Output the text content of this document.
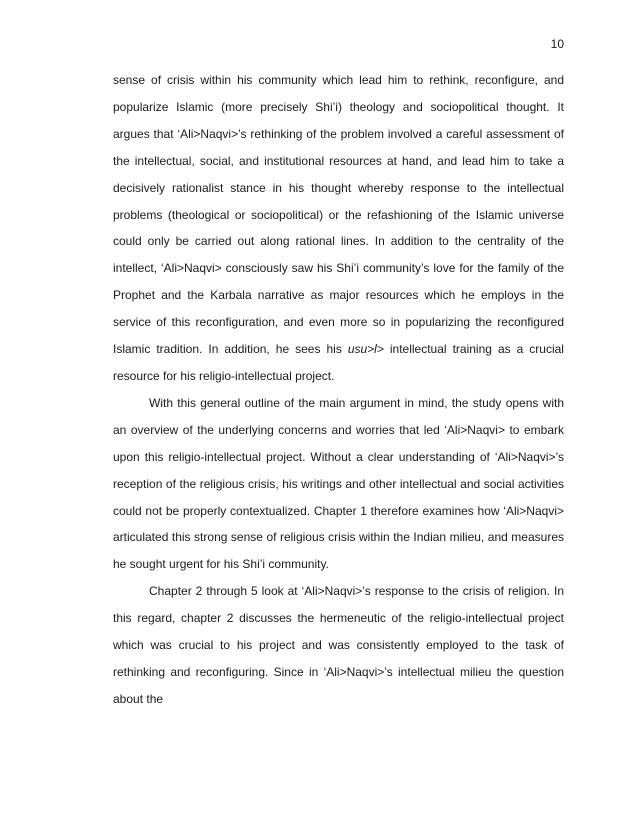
10

sense of crisis within his community which lead him to rethink, reconfigure, and popularize Islamic (more precisely Shi’i) theology and sociopolitical thought. It argues that ‘Ali>Naqvi>’s rethinking of the problem involved a careful assessment of the intellectual, social, and institutional resources at hand, and lead him to take a decisively rationalist stance in his thought whereby response to the intellectual problems (theological or sociopolitical) or the refashioning of the Islamic universe could only be carried out along rational lines. In addition to the centrality of the intellect, ‘Ali>Naqvi> consciously saw his Shi’i community’s love for the family of the Prophet and the Karbala narrative as major resources which he employs in the service of this reconfiguration, and even more so in popularizing the reconfigured Islamic tradition. In addition, he sees his usu>l> intellectual training as a crucial resource for his religio-intellectual project.

With this general outline of the main argument in mind, the study opens with an overview of the underlying concerns and worries that led ‘Ali>Naqvi> to embark upon this religio-intellectual project. Without a clear understanding of ‘Ali>Naqvi>’s reception of the religious crisis, his writings and other intellectual and social activities could not be properly contextualized. Chapter 1 therefore examines how ‘Ali>Naqvi> articulated this strong sense of religious crisis within the Indian milieu, and measures he sought urgent for his Shi’i community.

Chapter 2 through 5 look at ‘Ali>Naqvi>’s response to the crisis of religion. In this regard, chapter 2 discusses the hermeneutic of the religio-intellectual project which was crucial to his project and was consistently employed to the task of rethinking and reconfiguring. Since in ‘Ali>Naqvi>’s intellectual milieu the question about the
